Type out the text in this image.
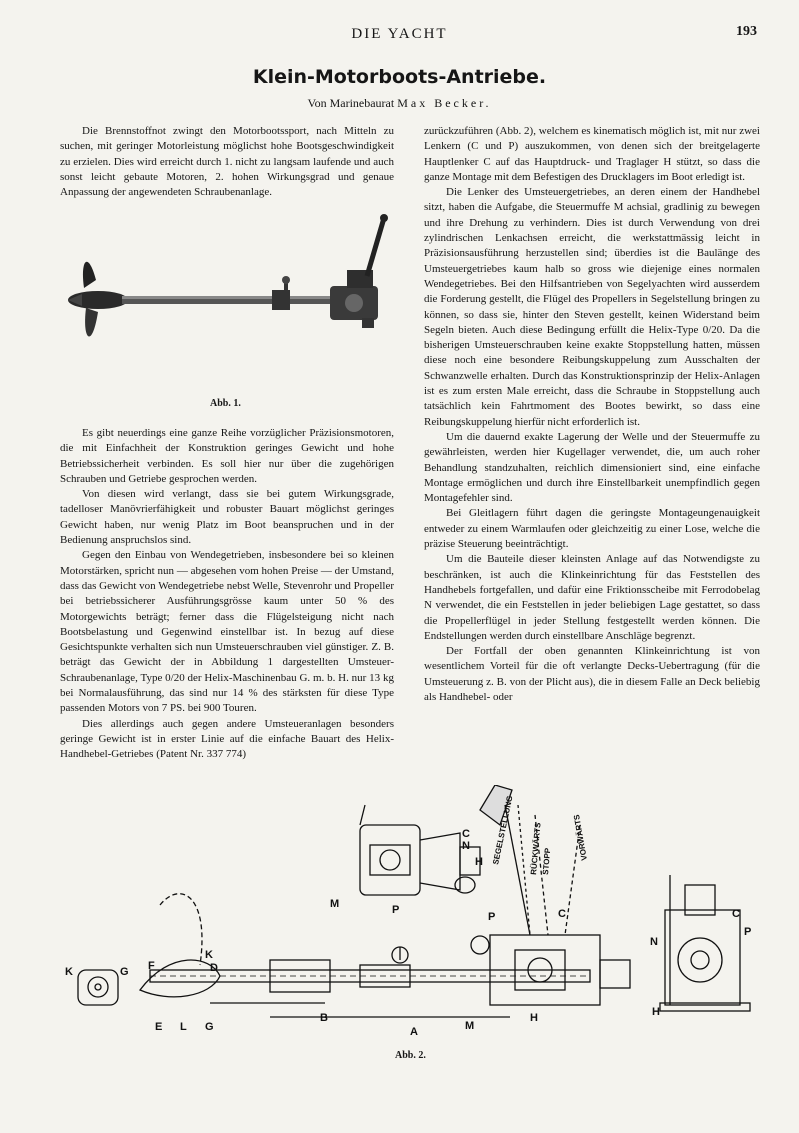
DIE YACHT	193
Klein-Motorboots-Antriebe.
Von Marinebaurat Max Becker.

Die Brennstoffnot zwingt den Motorbootssport, nach Mitteln zu suchen, mit geringer Motorleistung möglichst hohe Bootsgeschwindigkeit zu erzielen. Dies wird erreicht durch 1. nicht zu langsam laufende und auch sonst leicht gebaute Motoren, 2. hohen Wirkungsgrad und genaue Anpassung der angewendeten Schraubenanlage.

Abb. 1.

Es gibt neuerdings eine ganze Reihe vorzüglicher Präzisionsmotoren, die mit Einfachheit der Konstruktion geringes Gewicht und hohe Betriebssicherheit verbinden. Es soll hier nur über die zugehörigen Schrauben und Getriebe gesprochen werden.

Von diesen wird verlangt, dass sie bei gutem Wirkungsgrade, tadelloser Manövrierfähigkeit und robuster Bauart möglichst geringes Gewicht haben, nur wenig Platz im Boot beanspruchen und in der Bedienung anspruchslos sind.

Gegen den Einbau von Wendegetrieben, insbesondere bei so kleinen Motorstärken, spricht nun — abgesehen vom hohen Preise — der Umstand, dass das Gewicht von Wendegetriebe nebst Welle, Stevenrohr und Propeller bei betriebssicherer Ausführungsgrösse kaum unter 50 % des Motorgewichts beträgt; ferner dass die Flügelsteigung nicht nach Bootsbelastung und Gegenwind einstellbar ist. In bezug auf diese Gesichtspunkte verhalten sich nun Umsteuerschrauben viel günstiger. Z. B. beträgt das Gewicht der in Abbildung 1 dargestellten Umsteuer-Schraubenanlage, Type 0/20 der Helix-Maschinenbau G. m. b. H. nur 13 kg bei Normalausführung, das sind nur 14 % des stärksten für diese Type passenden Motors von 7 PS. bei 900 Touren.

Dies allerdings auch gegen andere Umsteueranlagen besonders geringe Gewicht ist in erster Linie auf die einfache Bauart des Helix-Handhebel-Getriebes (Patent Nr. 337 774)

zurückzuführen (Abb. 2), welchem es kinematisch möglich ist, mit nur zwei Lenkern (C und P) auszukommen, von denen sich der breitgelagerte Hauptlenker C auf das Hauptdruck- und Traglager H stützt, so dass die ganze Montage mit dem Befestigen des Drucklagers im Boot erledigt ist.

Die Lenker des Umsteuergetriebes, an deren einem der Handhebel sitzt, haben die Aufgabe, die Steuermuffe M achsial, gradlinig zu bewegen und ihre Drehung zu verhindern. Dies ist durch Verwendung von drei zylindrischen Lenkachsen erreicht, die werkstattmässig leicht in Präzisionsausführung herzustellen sind; überdies ist die Baulänge des Umsteuergetriebes kaum halb so gross wie diejenige eines normalen Wendegetriebes. Bei den Hilfsantrieben von Segelyachten wird ausserdem die Forderung gestellt, die Flügel des Propellers in Segelstellung bringen zu können, so dass sie, hinter den Steven gestellt, keinen Widerstand beim Segeln bieten. Auch diese Bedingung erfüllt die Helix-Type 0/20. Da die bisherigen Umsteuerschrauben keine exakte Stoppstellung hatten, müssen diese noch eine besondere Reibungskuppelung zum Ausschalten der Schwanzwelle erhalten. Durch das Konstruktionsprinzip der Helix-Anlagen ist es zum ersten Male erreicht, dass die Schraube in Stoppstellung auch tatsächlich kein Fahrtmoment des Bootes bewirkt, so dass eine Reibungskuppelung hierfür nicht erforderlich ist.

Um die dauernd exakte Lagerung der Welle und der Steuermuffe zu gewährleisten, werden hier Kugellager verwendet, die, um auch roher Behandlung standzuhalten, reichlich dimensioniert sind, eine einfache Montage ermöglichen und durch ihre Einstellbarkeit unempfindlich gegen Montagefehler sind.

Bei Gleitlagern führt dagen die geringste Montageungenauigkeit entweder zu einem Warmlaufen oder gleichzeitig zu einer Lose, welche die präzise Steuerung beeinträchtigt.

Um die Bauteile dieser kleinsten Anlage auf das Notwendigste zu beschränken, ist auch die Klinkeinrichtung für das Feststellen des Handhebels fortgefallen, und dafür eine Friktionsscheibe mit Ferrodobelag N verwendet, die ein Feststellen in jeder beliebigen Lage gestattet, so dass die Propellerflügel in jeder Stellung festgestellt werden können. Die Endstellungen werden durch einstellbare Anschläge begrenzt.

Der Fortfall der oben genannten Klinkeinrichtung ist von wesentlichem Vorteil für die oft verlangte Decks-Uebertragung (für die Umsteuerung z. B. von der Plicht aus), die in diesem Falle an Deck beliebig als Handhebel- oder

SEGELSTELLUNG RÜCKWÄRTS
STOPP
VORWÄRTS
K	G F
K
D
E L G
B
A
M	P
C
N
H
P	C
M
H
C
N
P
H
Abb. 2.
